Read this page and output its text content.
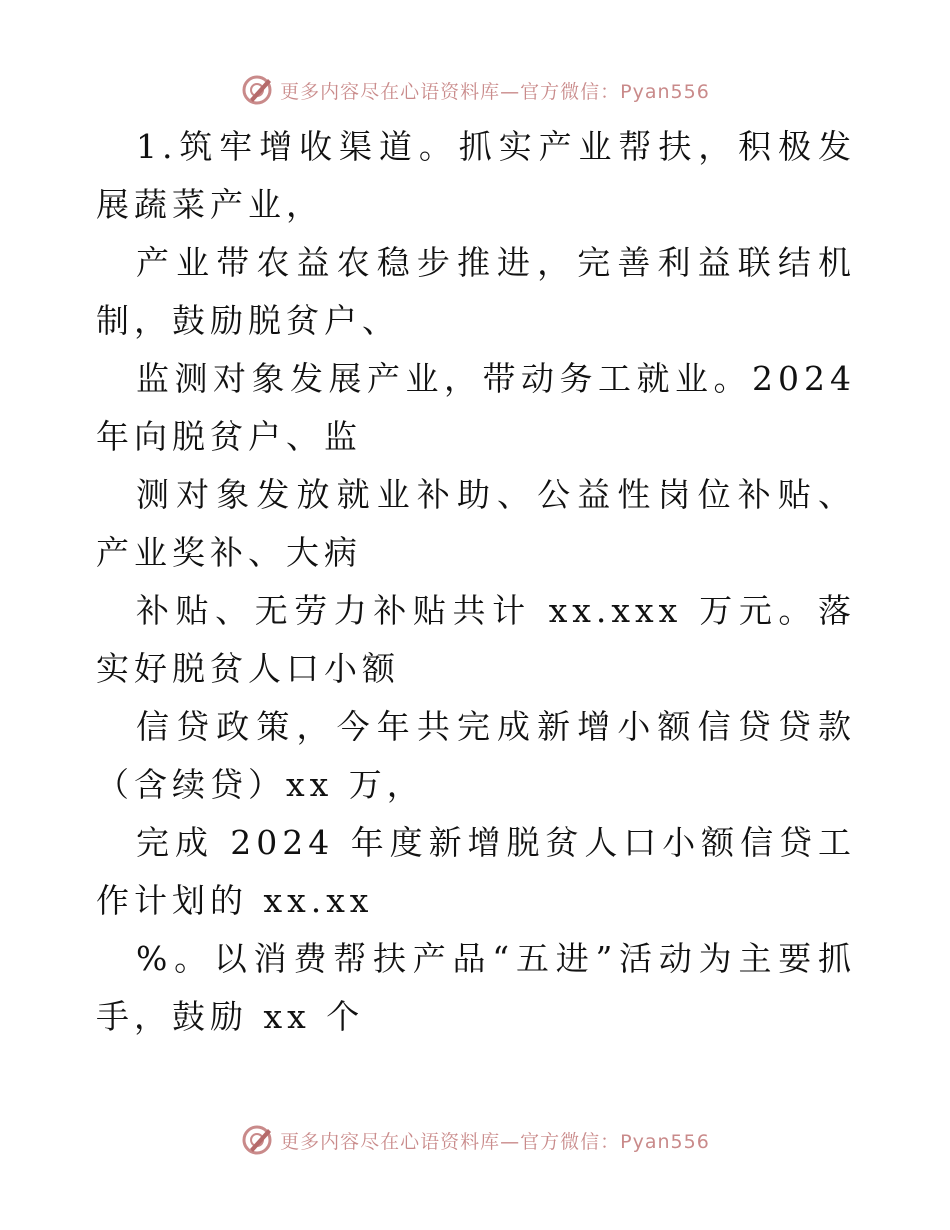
更多内容尽在心语资料库—官方微信：Pyan556

1.筑牢增收渠道。抓实产业帮扶，积极发展蔬菜产业，

产业带农益农稳步推进，完善利益联结机制，鼓励脱贫户、

监测对象发展产业，带动务工就业。2024 年向脱贫户、监

测对象发放就业补助、公益性岗位补贴、产业奖补、大病

补贴、无劳力补贴共计 xx.xxx 万元。落实好脱贫人口小额

信贷政策，今年共完成新增小额信贷贷款（含续贷）xx 万，

完成 2024 年度新增脱贫人口小额信贷工作计划的 xx.xx

%。以消费帮扶产品“五进”活动为主要抓手，鼓励 xx 个

更多内容尽在心语资料库—官方微信：Pyan556
